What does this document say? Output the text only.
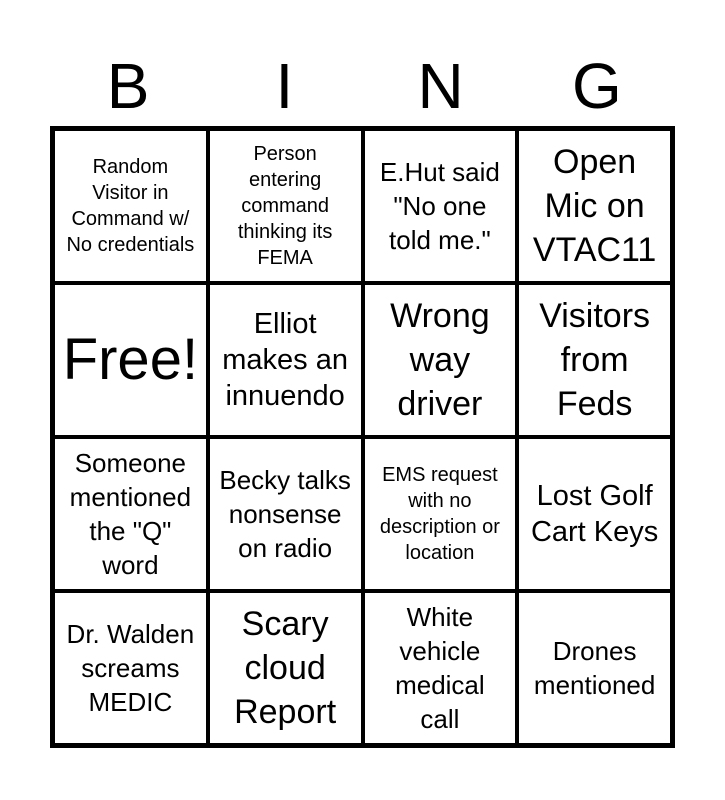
B	I	N	G
Random Visitor in Command w/ No credentials
Person entering command thinking its FEMA
E.Hut said "No one told me."
Open Mic on VTAC11
Free!
Elliot makes an innuendo
Wrong way driver
Visitors from Feds
Someone mentioned the "Q" word
Becky talks nonsense on radio
EMS request with no description or location
Lost Golf Cart Keys
Dr. Walden screams MEDIC
Scary cloud Report
White vehicle medical call
Drones mentioned
